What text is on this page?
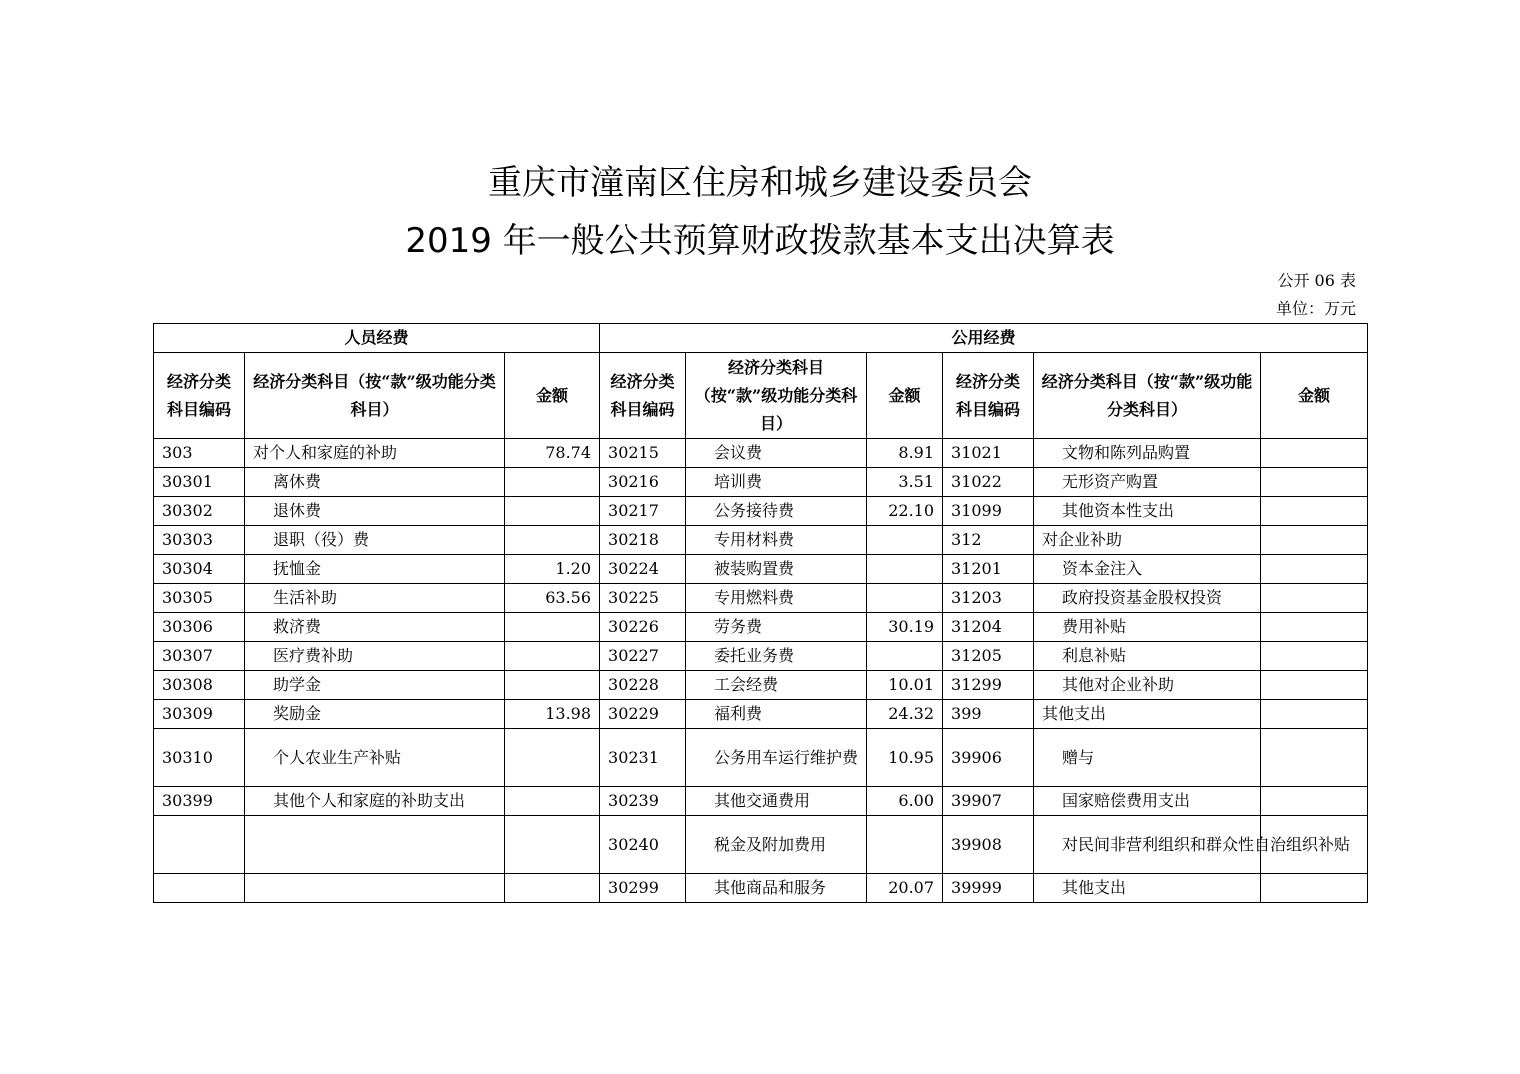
重庆市潼南区住房和城乡建设委员会
2019 年一般公共预算财政拨款基本支出决算表
公开 06 表
单位：万元
人员经费			公用经费					
经济分类科目编码	经济分类科目（按“款”级功能分类科目）	金额	经济分类科目编码	经济分类科目（按“款”级功能分类科目）	金额	经济分类科目编码	经济分类科目（按“款”级功能分类科目）	金额
303	对个人和家庭的补助	78.74	30215	会议费	8.91	31021	文物和陈列品购置	
30301	离休费		30216	培训费	3.51	31022	无形资产购置	
30302	退休费		30217	公务接待费	22.10	31099	其他资本性支出	
30303	退职（役）费		30218	专用材料费		312	对企业补助	
30304	抚恤金	1.20	30224	被装购置费		31201	资本金注入	
30305	生活补助	63.56	30225	专用燃料费		31203	政府投资基金股权投资	
30306	救济费		30226	劳务费	30.19	31204	费用补贴	
30307	医疗费补助		30227	委托业务费		31205	利息补贴	
30308	助学金		30228	工会经费	10.01	31299	其他对企业补助	
30309	奖励金	13.98	30229	福利费	24.32	399	其他支出	
30310	个人农业生产补贴		30231	公务用车运行维护费	10.95	39906	赠与	
30399	其他个人和家庭的补助支出		30239	其他交通费用	6.00	39907	国家赔偿费用支出	
			30240	税金及附加费用		39908	对民间非营利组织和群众性自治组织补贴	
			30299	其他商品和服务	20.07	39999	其他支出	
